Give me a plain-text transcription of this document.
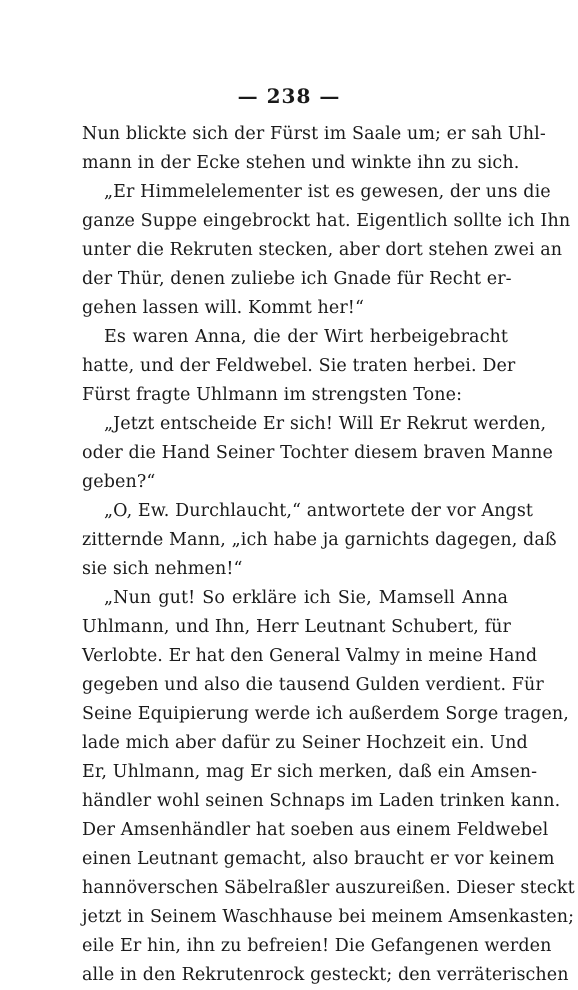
— 238 —
Nun blickte sich der Fürst im Saale um; er sah Uhl-
mann in der Ecke stehen und winkte ihn zu sich.
„Er Himmelelementer ist es gewesen, der uns die
ganze Suppe eingebrockt hat. Eigentlich sollte ich Ihn
unter die Rekruten stecken, aber dort stehen zwei an
der Thür, denen zuliebe ich Gnade für Recht er-
gehen lassen will. Kommt her!“
Es waren Anna, die der Wirt herbeigebracht
hatte, und der Feldwebel. Sie traten herbei. Der
Fürst fragte Uhlmann im strengsten Tone:
„Jetzt entscheide Er sich! Will Er Rekrut werden,
oder die Hand Seiner Tochter diesem braven Manne
geben?“
„O, Ew. Durchlaucht,“ antwortete der vor Angst
zitternde Mann, „ich habe ja garnichts dagegen, daß
sie sich nehmen!“
„Nun gut! So erkläre ich Sie, Mamsell Anna
Uhlmann, und Ihn, Herr Leutnant Schubert, für
Verlobte. Er hat den General Valmy in meine Hand
gegeben und also die tausend Gulden verdient. Für
Seine Equipierung werde ich außerdem Sorge tragen,
lade mich aber dafür zu Seiner Hochzeit ein. Und
Er, Uhlmann, mag Er sich merken, daß ein Amsen-
händler wohl seinen Schnaps im Laden trinken kann.
Der Amsenhändler hat soeben aus einem Feldwebel
einen Leutnant gemacht, also braucht er vor keinem
hannöverschen Säbelraßler auszureißen. Dieser steckt
jetzt in Seinem Waschhause bei meinem Amsenkasten;
eile Er hin, ihn zu befreien! Die Gefangenen werden
alle in den Rekrutenrock gesteckt; den verräterischen
